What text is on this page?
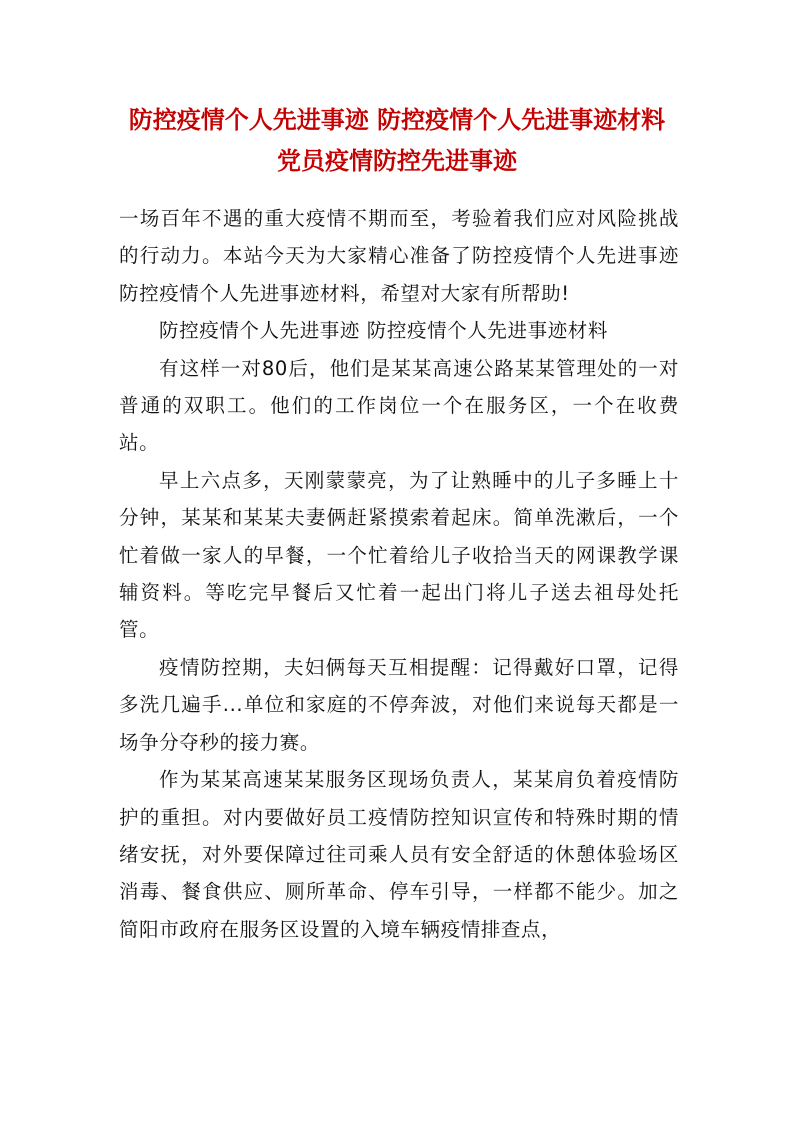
防控疫情个人先进事迹 防控疫情个人先进事迹材料
党员疫情防控先进事迹

一场百年不遇的重大疫情不期而至，考验着我们应对风险挑战的行动力。本站今天为大家精心准备了防控疫情个人先进事迹 防控疫情个人先进事迹材料，希望对大家有所帮助!

防控疫情个人先进事迹 防控疫情个人先进事迹材料

有这样一对80后，他们是某某高速公路某某管理处的一对普通的双职工。他们的工作岗位一个在服务区，一个在收费站。

早上六点多，天刚蒙蒙亮，为了让熟睡中的儿子多睡上十分钟，某某和某某夫妻俩赶紧摸索着起床。简单洗漱后，一个忙着做一家人的早餐，一个忙着给儿子收拾当天的网课教学课辅资料。等吃完早餐后又忙着一起出门将儿子送去祖母处托管。

疫情防控期，夫妇俩每天互相提醒：记得戴好口罩，记得多洗几遍手...单位和家庭的不停奔波，对他们来说每天都是一场争分夺秒的接力赛。

作为某某高速某某服务区现场负责人，某某肩负着疫情防护的重担。对内要做好员工疫情防控知识宣传和特殊时期的情绪安抚，对外要保障过往司乘人员有安全舒适的休憩体验场区消毒、餐食供应、厕所革命、停车引导，一样都不能少。加之简阳市政府在服务区设置的入境车辆疫情排查点，
